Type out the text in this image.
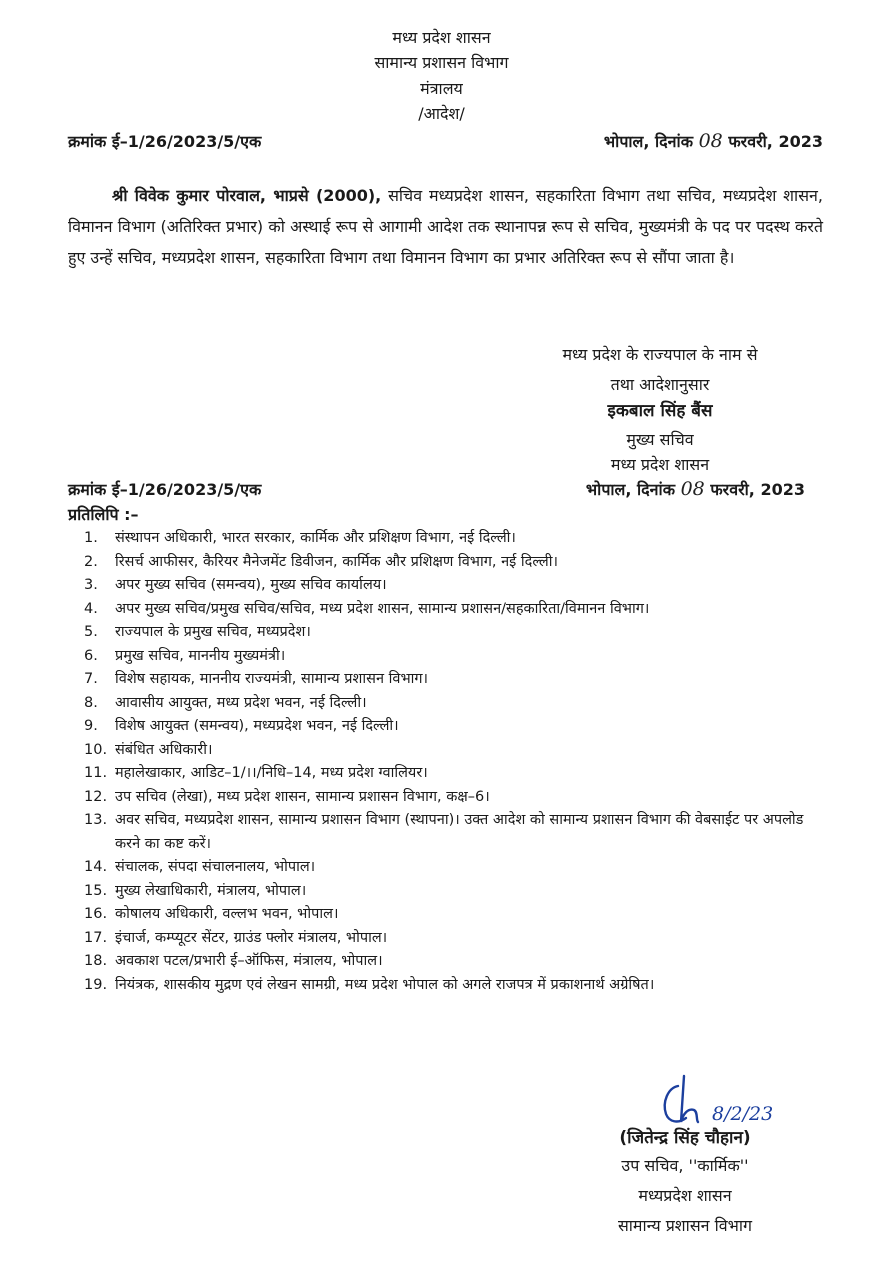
मध्य प्रदेश शासन
सामान्य प्रशासन विभाग
मंत्रालय
/आदेश/
क्रमांक ई–1/26/2023/5/एक	भोपाल, दिनांक 08 फरवरी, 2023
श्री विवेक कुमार पोरवाल, भाप्रसे (2000), सचिव मध्यप्रदेश शासन, सहकारिता विभाग तथा सचिव, मध्यप्रदेश शासन, विमानन विभाग (अतिरिक्त प्रभार) को अस्थाई रूप से आगामी आदेश तक स्थानापन्न रूप से सचिव, मुख्यमंत्री के पद पर पदस्थ करते हुए उन्हें सचिव, मध्यप्रदेश शासन, सहकारिता विभाग तथा विमानन विभाग का प्रभार अतिरिक्त रूप से सौंपा जाता है।
मध्य प्रदेश के राज्यपाल के नाम से
तथा आदेशानुसार
इकबाल सिंह बैंस
मुख्य सचिव
मध्य प्रदेश शासन
क्रमांक ई–1/26/2023/5/एक	भोपाल, दिनांक 08 फरवरी, 2023
प्रतिलिपि :–
1.	संस्थापन अधिकारी, भारत सरकार, कार्मिक और प्रशिक्षण विभाग, नई दिल्ली।
2.	रिसर्च आफीसर, कैरियर मैनेजमेंट डिवीजन, कार्मिक और प्रशिक्षण विभाग, नई दिल्ली।
3.	अपर मुख्य सचिव (समन्वय), मुख्य सचिव कार्यालय।
4.	अपर मुख्य सचिव/प्रमुख सचिव/सचिव, मध्य प्रदेश शासन, सामान्य प्रशासन/सहकारिता/विमानन विभाग।
5.	राज्यपाल के प्रमुख सचिव, मध्यप्रदेश।
6.	प्रमुख सचिव, माननीय मुख्यमंत्री।
7.	विशेष सहायक, माननीय राज्यमंत्री, सामान्य प्रशासन विभाग।
8.	आवासीय आयुक्त, मध्य प्रदेश भवन, नई दिल्ली।
9.	विशेष आयुक्त (समन्वय), मध्यप्रदेश भवन, नई दिल्ली।
10. संबंधित अधिकारी।
11. महालेखाकार, आडिट–1/।।/निधि–14, मध्य प्रदेश ग्वालियर।
12. उप सचिव (लेखा), मध्य प्रदेश शासन, सामान्य प्रशासन विभाग, कक्ष–6।
13. अवर सचिव, मध्यप्रदेश शासन, सामान्य प्रशासन विभाग (स्थापना)। उक्त आदेश को सामान्य प्रशासन विभाग की वेबसाईट पर अपलोड करने का कष्ट करें।
14. संचालक, संपदा संचालनालय, भोपाल।
15. मुख्य लेखाधिकारी, मंत्रालय, भोपाल।
16. कोषालय अधिकारी, वल्लभ भवन, भोपाल।
17. इंचार्ज, कम्प्यूटर सेंटर, ग्राउंड फ्लोर मंत्रालय, भोपाल।
18. अवकाश पटल/प्रभारी ई–ऑफिस, मंत्रालय, भोपाल।
19. नियंत्रक, शासकीय मुद्रण एवं लेखन सामग्री, मध्य प्रदेश भोपाल को अगले राजपत्र में प्रकाशनार्थ अग्रेषित।
8/2/23
(जितेन्द्र सिंह चौहान)
उप सचिव, ''कार्मिक''
मध्यप्रदेश शासन
सामान्य प्रशासन विभाग
